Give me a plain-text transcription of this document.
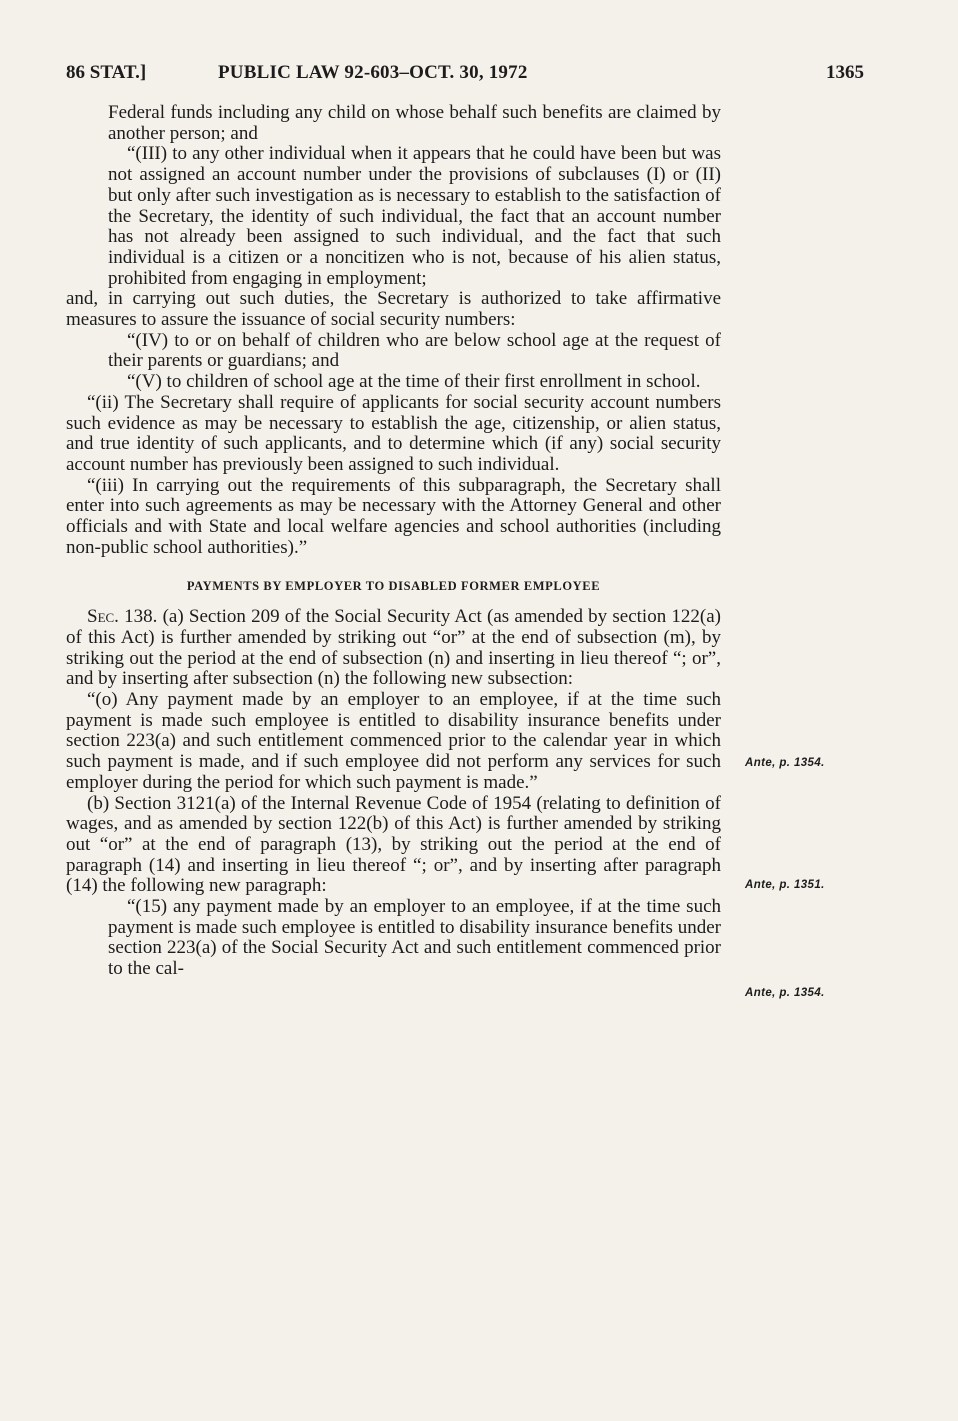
86 STAT.]	PUBLIC LAW 92-603–OCT. 30, 1972	1365

Federal funds including any child on whose behalf such benefits are claimed by another person; and

“(III) to any other individual when it appears that he could have been but was not assigned an account number under the provisions of subclauses (I) or (II) but only after such investigation as is necessary to establish to the satisfaction of the Secretary, the identity of such individual, the fact that an account number has not already been assigned to such individual, and the fact that such individual is a citizen or a noncitizen who is not, because of his alien status, prohibited from engaging in employment;

and, in carrying out such duties, the Secretary is authorized to take affirmative measures to assure the issuance of social security numbers:

“(IV) to or on behalf of children who are below school age at the request of their parents or guardians; and

“(V) to children of school age at the time of their first enrollment in school.

“(ii) The Secretary shall require of applicants for social security account numbers such evidence as may be necessary to establish the age, citizenship, or alien status, and true identity of such applicants, and to determine which (if any) social security account number has previously been assigned to such individual.

“(iii) In carrying out the requirements of this subparagraph, the Secretary shall enter into such agreements as may be necessary with the Attorney General and other officials and with State and local welfare agencies and school authorities (including non-public school authorities).”

PAYMENTS BY EMPLOYER TO DISABLED FORMER EMPLOYEE

Sec. 138. (a) Section 209 of the Social Security Act (as amended by section 122(a) of this Act) is further amended by striking out “or” at the end of subsection (m), by striking out the period at the end of subsection (n) and inserting in lieu thereof “; or”, and by inserting after subsection (n) the following new subsection:

“(o) Any payment made by an employer to an employee, if at the time such payment is made such employee is entitled to disability insurance benefits under section 223(a) and such entitlement commenced prior to the calendar year in which such payment is made, and if such employee did not perform any services for such employer during the period for which such payment is made.”

(b) Section 3121(a) of the Internal Revenue Code of 1954 (relating to definition of wages, and as amended by section 122(b) of this Act) is further amended by striking out “or” at the end of paragraph (13), by striking out the period at the end of paragraph (14) and inserting in lieu thereof “; or”, and by inserting after paragraph (14) the following new paragraph:

“(15) any payment made by an employer to an employee, if at the time such payment is made such employee is entitled to disability insurance benefits under section 223(a) of the Social Security Act and such entitlement commenced prior to the cal-

Ante, p. 1354.
Ante, p. 1351.
Ante, p. 1354.
